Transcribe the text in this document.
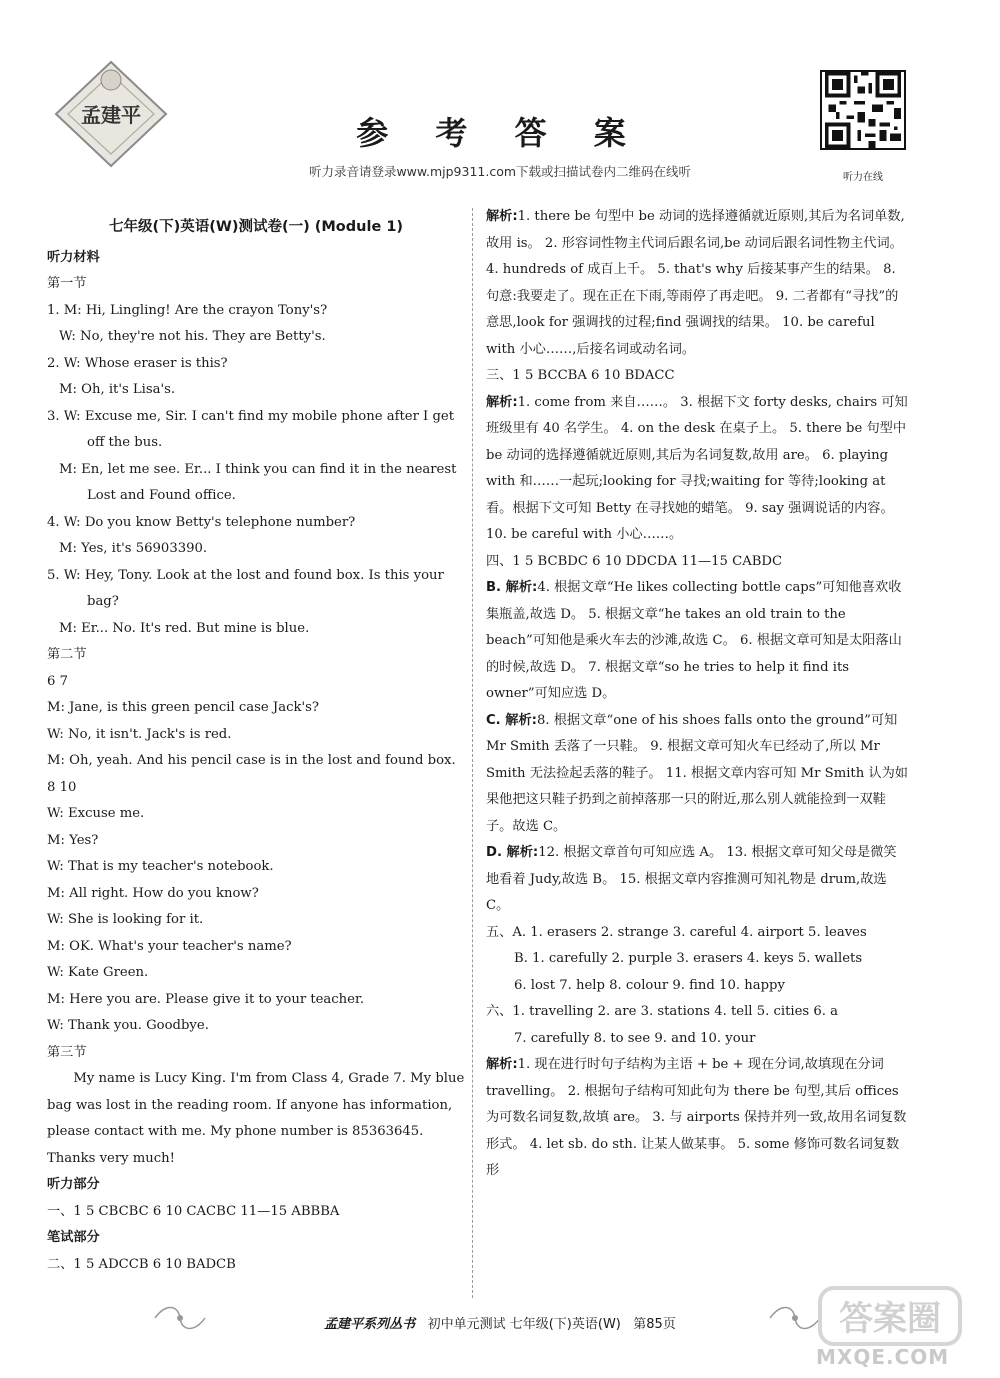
孟建平	参 考 答 案
听力录音请登录www.mjp9311.com下载或扫描试卷内二维码在线听	听力在线
七年级(下)英语(W)测试卷(一) (Module 1)
听力材料
第一节
1. M: Hi, Lingling! Are the crayon Tony's?
W: No, they're not his. They are Betty's.
2. W: Whose eraser is this?
M: Oh, it's Lisa's.
3. W: Excuse me, Sir. I can't find my mobile phone after I get
off the bus.
M: En, let me see. Er... I think you can find it in the nearest
Lost and Found office.
4. W: Do you know Betty's telephone number?
M: Yes, it's 56903390.
5. W: Hey, Tony. Look at the lost and found box. Is this your
bag?
M: Er... No. It's red. But mine is blue.
第二节
6 7
M: Jane, is this green pencil case Jack's?
W: No, it isn't. Jack's is red.
M: Oh, yeah. And his pencil case is in the lost and found box.
8 10
W: Excuse me.
M: Yes?
W: That is my teacher's notebook.
M: All right. How do you know?
W: She is looking for it.
M: OK. What's your teacher's name?
W: Kate Green.
M: Here you are. Please give it to your teacher.
W: Thank you. Goodbye.
第三节

My name is Lucy King. I'm from Class 4, Grade 7. My blue bag was lost in the reading room. If anyone has information, please contact with me. My phone number is 85363645. Thanks very much!

听力部分
一、1 5 CBCBC 6 10 CACBC 11—15 ABBBA
笔试部分
二、1 5 ADCCB 6 10 BADCB
解析:1. there be 句型中 be 动词的选择遵循就近原则,其后为名词单数,故用 is。 2. 形容词性物主代词后跟名词,be 动词后跟名词性物主代词。 4. hundreds of 成百上千。 5. that's why 后接某事产生的结果。 8. 句意:我要走了。现在正在下雨,等雨停了再走吧。 9. 二者都有“寻找”的意思,look for 强调找的过程;find 强调找的结果。 10. be careful with 小心……,后接名词或动名词。
三、1 5 BCCBA 6 10 BDACC
解析:1. come from 来自……。 3. 根据下文 forty desks, chairs 可知班级里有 40 名学生。 4. on the desk 在桌子上。 5. there be 句型中 be 动词的选择遵循就近原则,其后为名词复数,故用 are。 6. playing with 和……一起玩;looking for 寻找;waiting for 等待;looking at 看。根据下文可知 Betty 在寻找她的蜡笔。 9. say 强调说话的内容。 10. be careful with 小心……。
四、1 5 BCBDC 6 10 DDCDA 11—15 CABDC
B. 解析:4. 根据文章“He likes collecting bottle caps”可知他喜欢收集瓶盖,故选 D。 5. 根据文章“he takes an old train to the beach”可知他是乘火车去的沙滩,故选 C。 6. 根据文章可知是太阳落山的时候,故选 D。 7. 根据文章“so he tries to help it find its owner”可知应选 D。
C. 解析:8. 根据文章“one of his shoes falls onto the ground”可知 Mr Smith 丢落了一只鞋。 9. 根据文章可知火车已经动了,所以 Mr Smith 无法捡起丢落的鞋子。 11. 根据文章内容可知 Mr Smith 认为如果他把这只鞋子扔到之前掉落那一只的附近,那么别人就能捡到一双鞋子。故选 C。
D. 解析:12. 根据文章首句可知应选 A。 13. 根据文章可知父母是微笑地看着 Judy,故选 B。 15. 根据文章内容推测可知礼物是 drum,故选 C。
五、A. 1. erasers 2. strange 3. careful 4. airport 5. leaves
B. 1. carefully 2. purple 3. erasers 4. keys 5. wallets
6. lost 7. help 8. colour 9. find 10. happy
六、1. travelling 2. are 3. stations 4. tell 5. cities 6. a
7. carefully 8. to see 9. and 10. your
解析:1. 现在进行时句子结构为主语 + be + 现在分词,故填现在分词 travelling。 2. 根据句子结构可知此句为 there be 句型,其后 offices 为可数名词复数,故填 are。 3. 与 airports 保持并列一致,故用名词复数形式。 4. let sb. do sth. 让某人做某事。 5. some 修饰可数名词复数形
孟建平系列丛书 初中单元测试 七年级(下)英语(W) 第85页	答案圈
MXQE.COM
